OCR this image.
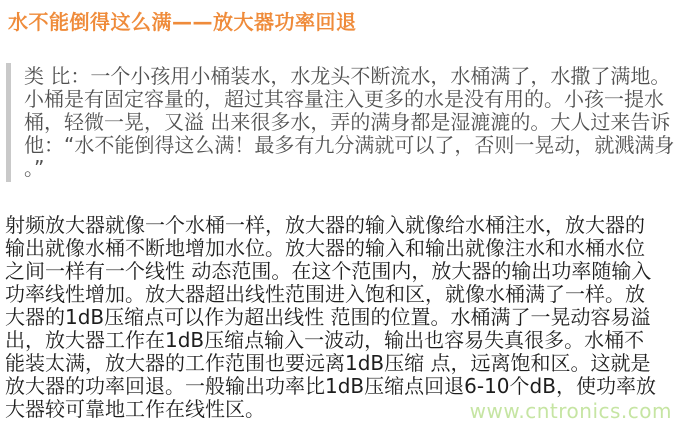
水不能倒得这么满——放大器功率回退
类 比：一个小孩用小桶装水，水龙头不断流水，水桶满了，水撒了满地。小桶是有固定容量的，超过其容量注入更多的水是没有用的。小孩一提水桶，轻微一晃，又溢 出来很多水，弄的满身都是湿漉漉的。大人过来告诉他：“水不能倒得这么满！最多有九分满就可以了，否则一晃动，就溅满身。”

射频放大器就像一个水桶一样，放大器的输入就像给水桶注水，放大器的输出就像水桶不断地增加水位。放大器的输入和输出就像注水和水桶水位之间一样有一个线性 动态范围。在这个范围内，放大器的输出功率随输入功率线性增加。放大器超出线性范围进入饱和区，就像水桶满了一样。放大器的1dB压缩点可以作为超出线性 范围的位置。水桶满了一晃动容易溢出，放大器工作在1dB压缩点输入一波动，输出也容易失真很多。水桶不能装太满，放大器的工作范围也要远离1dB压缩 点，远离饱和区。这就是放大器的功率回退。一般输出功率比1dB压缩点回退6-10个dB，使功率放大器较可靠地工作在线性区。	www.cntronics.com
